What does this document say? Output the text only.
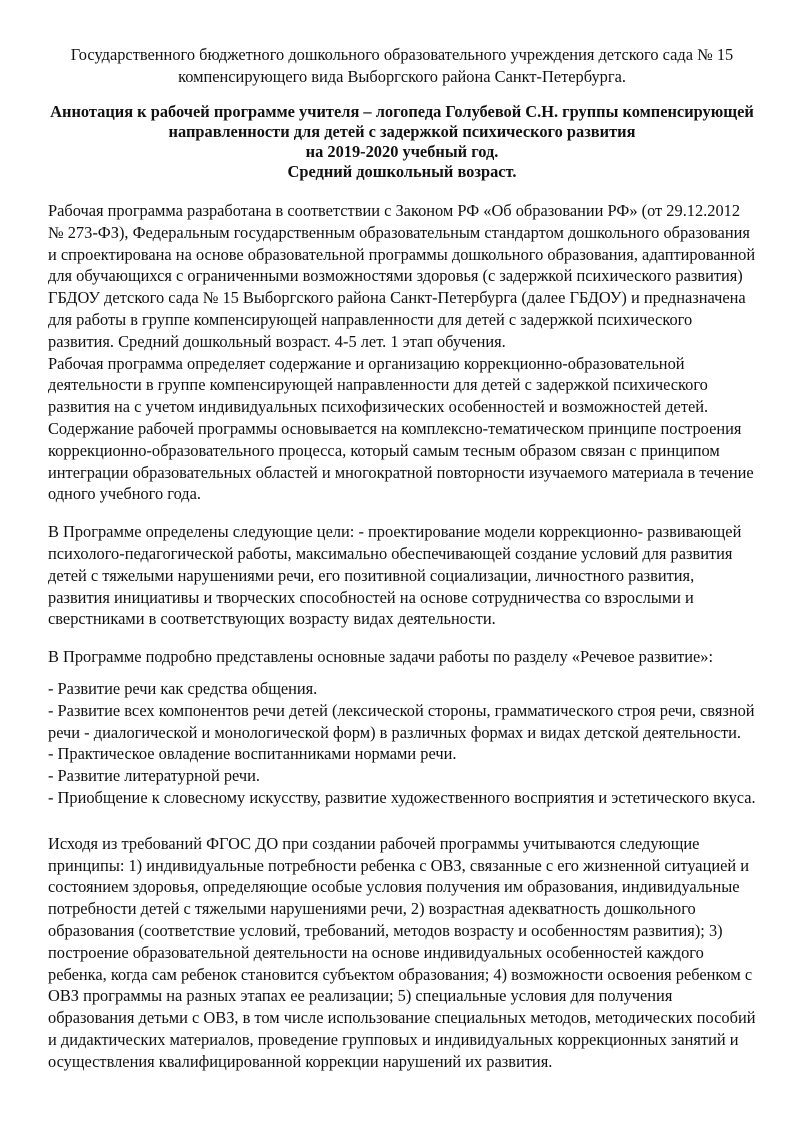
Государственного бюджетного дошкольного образовательного учреждения детского сада № 15
компенсирующего вида Выборгского района Санкт-Петербурга.
Аннотация к рабочей программе учителя – логопеда Голубевой С.Н. группы компенсирующей
направленности для детей с задержкой психического развития
на 2019-2020 учебный год.
Средний дошкольный возраст.

Рабочая программа разработана в соответствии с Законом РФ «Об образовании РФ» (от 29.12.2012 № 273-ФЗ), Федеральным государственным образовательным стандартом дошкольного образования и спроектирована на основе образовательной программы дошкольного образования, адаптированной для обучающихся с ограниченными возможностями здоровья (с задержкой психического развития) ГБДОУ детского сада № 15 Выборгского района Санкт-Петербурга (далее ГБДОУ) и предназначена для работы в группе компенсирующей направленности для детей с задержкой психического развития. Средний дошкольный возраст. 4-5 лет. 1 этап обучения.

Рабочая программа определяет содержание и организацию коррекционно-образовательной деятельности в группе компенсирующей направленности для детей с задержкой психического развития на с учетом индивидуальных психофизических особенностей и возможностей детей.

Содержание рабочей программы основывается на комплексно-тематическом принципе построения коррекционно-образовательного процесса, который самым тесным образом связан с принципом интеграции образовательных областей и многократной повторности изучаемого материала в течение одного учебного года.

В Программе определены следующие цели: - проектирование модели коррекционно- развивающей психолого-педагогической работы, максимально обеспечивающей создание условий для развития детей с тяжелыми нарушениями речи, его позитивной социализации, личностного развития, развития инициативы и творческих способностей на основе сотрудничества со взрослыми и сверстниками в соответствующих возрасту видах деятельности.

В Программе подробно представлены основные задачи работы по разделу «Речевое развитие»:

- Развитие речи как средства общения.
- Развитие всех компонентов речи детей (лексической стороны, грамматического строя речи, связной речи - диалогической и монологической форм) в различных формах и видах детской деятельности.
- Практическое овладение воспитанниками нормами речи.
- Развитие литературной речи.
- Приобщение к словесному искусству, развитие художественного восприятия и эстетического вкуса.

Исходя из требований ФГОС ДО при создании рабочей программы учитываются следующие принципы: 1) индивидуальные потребности ребенка с ОВЗ, связанные с его жизненной ситуацией и состоянием здоровья, определяющие особые условия получения им образования, индивидуальные потребности детей с тяжелыми нарушениями речи, 2) возрастная адекватность дошкольного образования (соответствие условий, требований, методов возрасту и особенностям развития); 3) построение образовательной деятельности на основе индивидуальных особенностей каждого ребенка, когда сам ребенок становится субъектом образования; 4) возможности освоения ребенком с ОВЗ программы на разных этапах ее реализации; 5) специальные условия для получения образования детьми с ОВЗ, в том числе использование специальных методов, методических пособий и дидактических материалов, проведение групповых и индивидуальных коррекционных занятий и осуществления квалифицированной коррекции нарушений их развития.
